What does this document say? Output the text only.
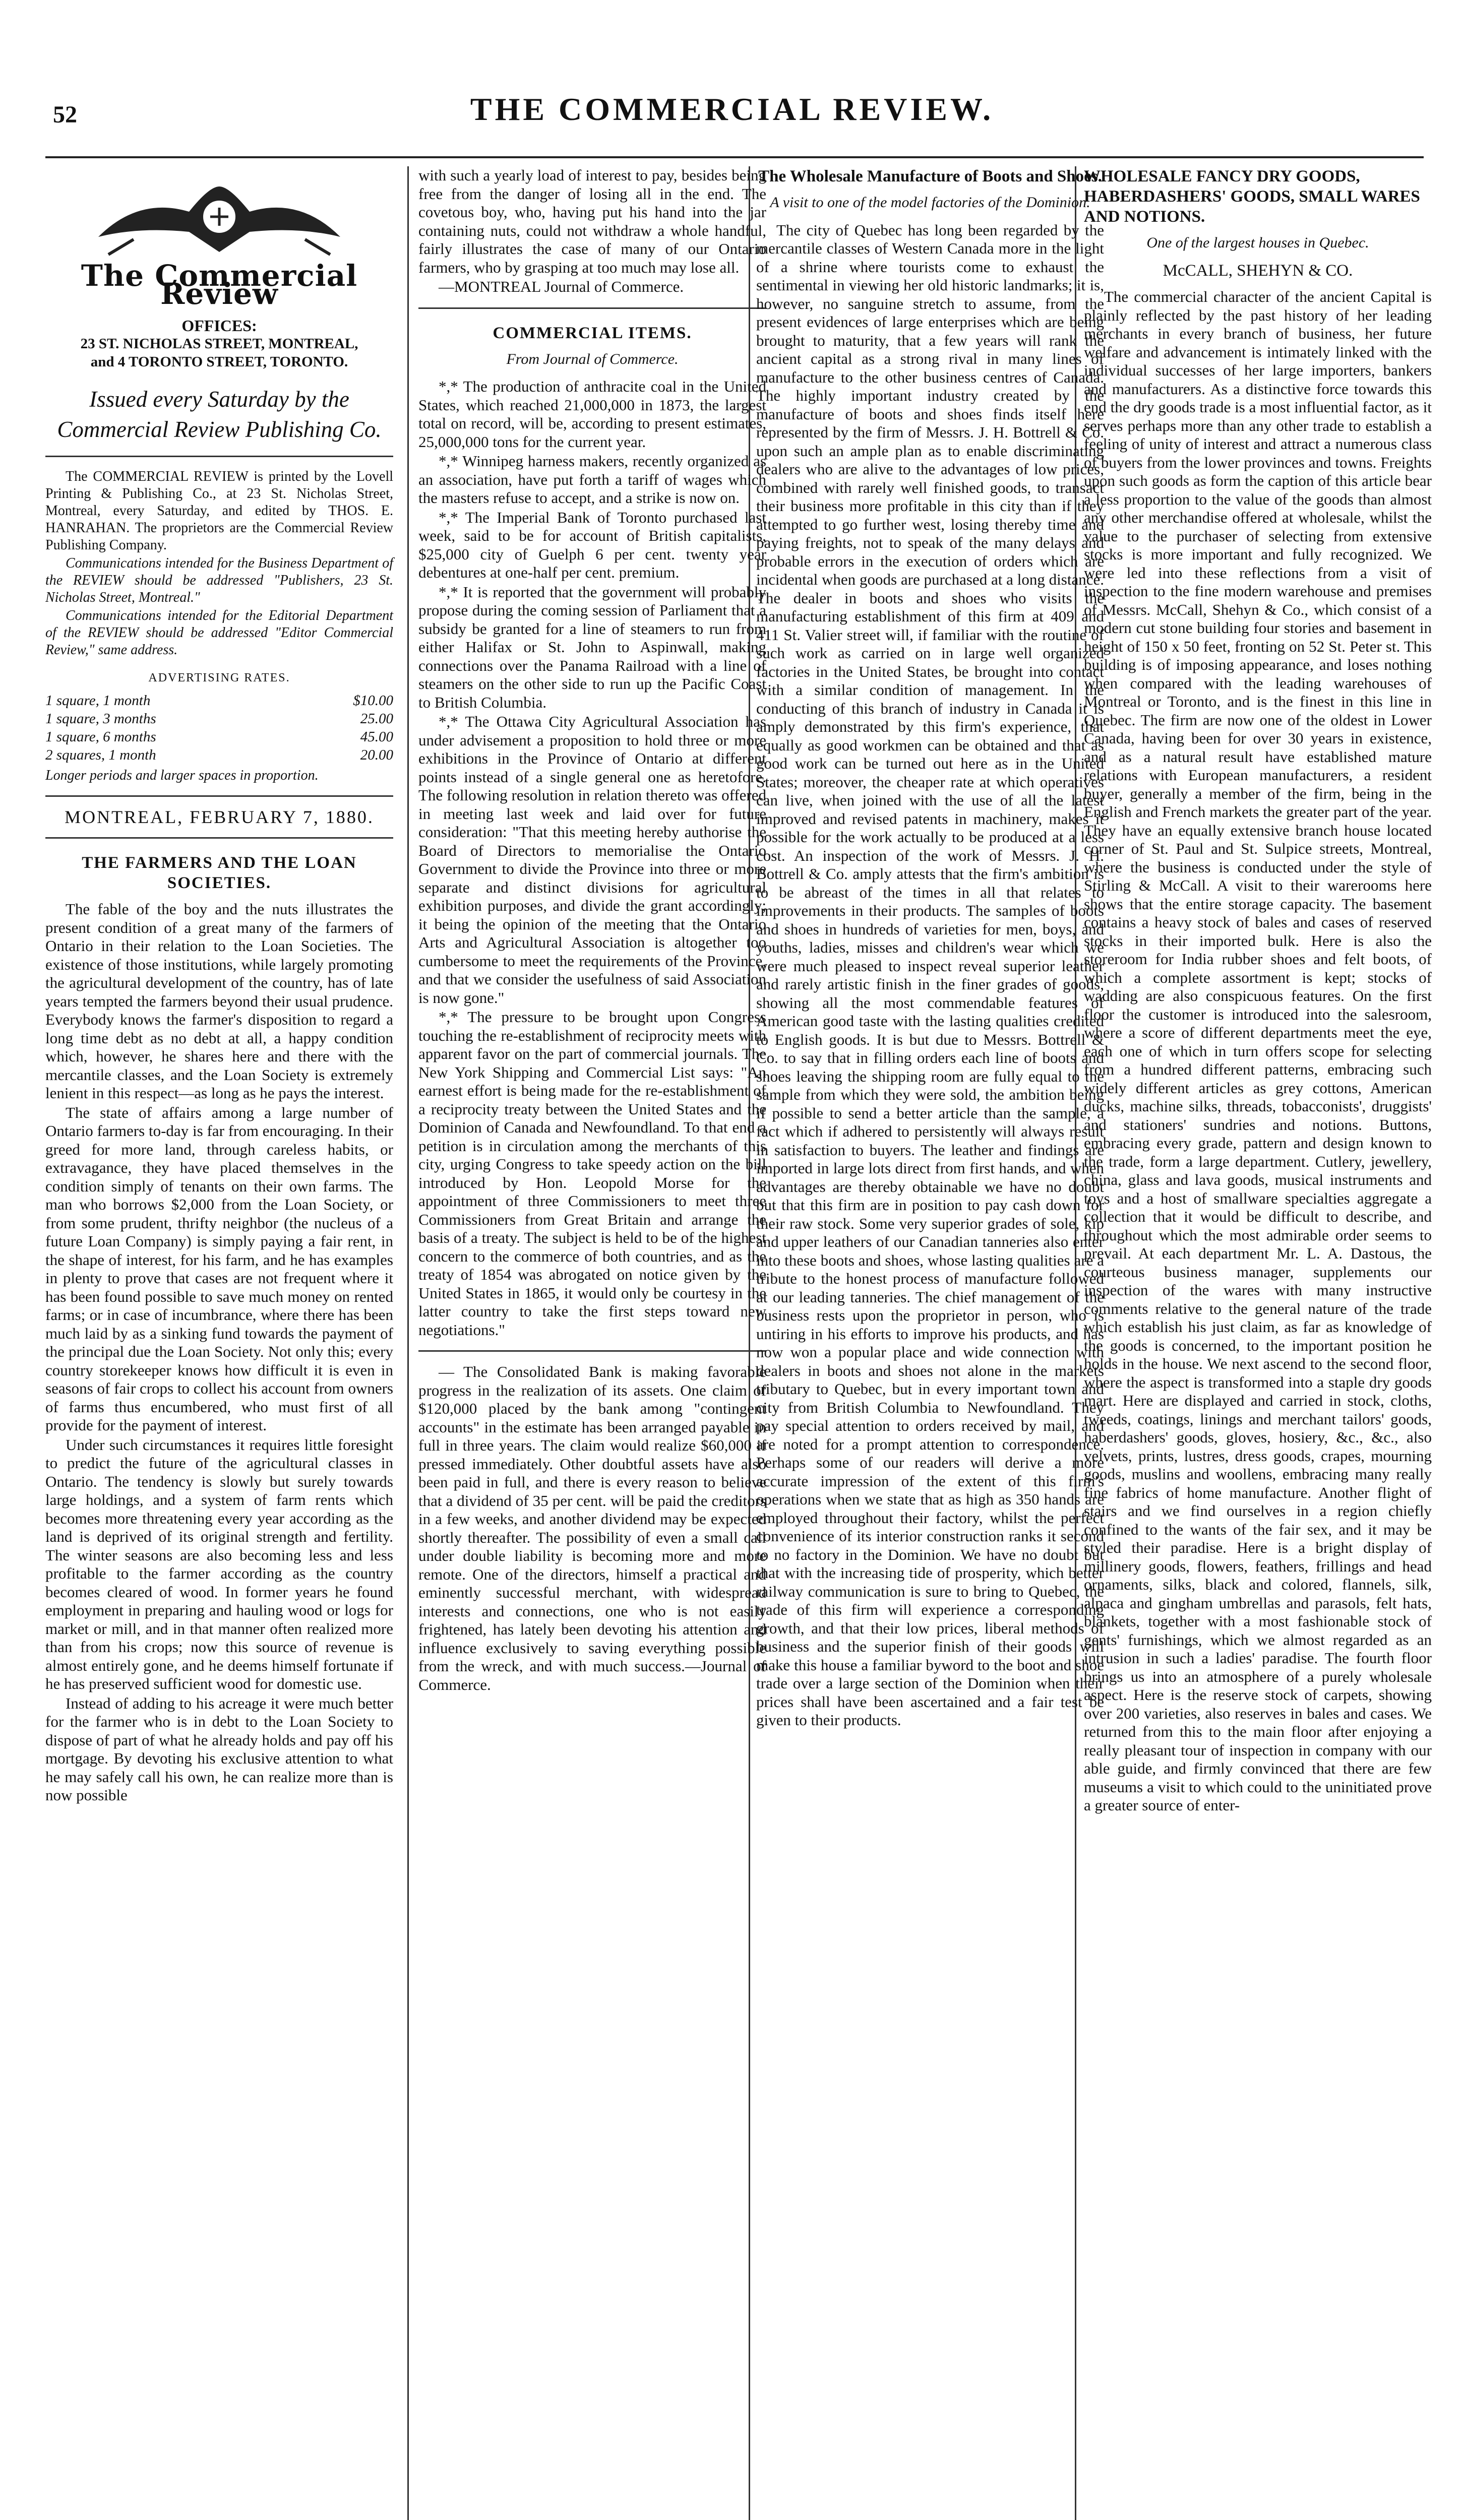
52	THE COMMERCIAL REVIEW.
The Commercial Review
OFFICES:
23 ST. NICHOLAS STREET, MONTREAL,
and 4 TORONTO STREET, TORONTO.
Issued every Saturday by the Commercial Review Publishing Co.
The COMMERCIAL REVIEW is printed by the Lovell Printing & Publishing Co., at 23 St. Nicholas Street, Montreal, every Saturday, and edited by THOS. E. HANRAHAN. The proprietors are the Commercial Review Publishing Company.
Communications intended for the Business Department of the REVIEW should be addressed "Publishers, 23 St. Nicholas Street, Montreal."
Communications intended for the Editorial Department of the REVIEW should be addressed "Editor Commercial Review," same address.
ADVERTISING RATES.
1 square, 1 month	$10.00
1 square, 3 months	25.00
1 square, 6 months	45.00
2 squares, 1 month	20.00
Longer periods and larger spaces in proportion.
MONTREAL, FEBRUARY 7, 1880.
THE FARMERS AND THE LOAN SOCIETIES.
The fable of the boy and the nuts illustrates the present condition of a great many of the farmers of Ontario in their relation to the Loan Societies. The existence of those institutions, while largely promoting the agricultural development of the country, has of late years tempted the farmers beyond their usual prudence. Everybody knows the farmer's disposition to regard a long time debt as no debt at all, a happy condition which, however, he shares here and there with the mercantile classes, and the Loan Society is extremely lenient in this respect—as long as he pays the interest.
The state of affairs among a large number of Ontario farmers to-day is far from encouraging. In their greed for more land, through careless habits, or extravagance, they have placed themselves in the condition simply of tenants on their own farms. The man who borrows $2,000 from the Loan Society, or from some prudent, thrifty neighbor (the nucleus of a future Loan Company) is simply paying a fair rent, in the shape of interest, for his farm, and he has examples in plenty to prove that cases are not frequent where it has been found possible to save much money on rented farms; or in case of incumbrance, where there has been much laid by as a sinking fund towards the payment of the principal due the Loan Society. Not only this; every country storekeeper knows how difficult it is even in seasons of fair crops to collect his account from owners of farms thus encumbered, who must first of all provide for the payment of interest.
Under such circumstances it requires little foresight to predict the future of the agricultural classes in Ontario. The tendency is slowly but surely towards large holdings, and a system of farm rents which becomes more threatening every year according as the land is deprived of its original strength and fertility. The winter seasons are also becoming less and less profitable to the farmer according as the country becomes cleared of wood. In former years he found employment in preparing and hauling wood or logs for market or mill, and in that manner often realized more than from his crops; now this source of revenue is almost entirely gone, and he deems himself fortunate if he has preserved sufficient wood for domestic use.
Instead of adding to his acreage it were much better for the farmer who is in debt to the Loan Society to dispose of part of what he already holds and pay off his mortgage. By devoting his exclusive attention to what he may safely call his own, he can realize more than is now possible
with such a yearly load of interest to pay, besides being free from the danger of losing all in the end. The covetous boy, who, having put his hand into the jar containing nuts, could not withdraw a whole handful, fairly illustrates the case of many of our Ontario farmers, who by grasping at too much may lose all.
—MONTREAL Journal of Commerce.
COMMERCIAL ITEMS.
From Journal of Commerce.
*,* The production of anthracite coal in the United States, which reached 21,000,000 in 1873, the largest total on record, will be, according to present estimates, 25,000,000 tons for the current year.
*,* Winnipeg harness makers, recently organized as an association, have put forth a tariff of wages which the masters refuse to accept, and a strike is now on.
*,* The Imperial Bank of Toronto purchased last week, said to be for account of British capitalists, $25,000 city of Guelph 6 per cent. twenty year debentures at one-half per cent. premium.
*,* It is reported that the government will probably propose during the coming session of Parliament that a subsidy be granted for a line of steamers to run from either Halifax or St. John to Aspinwall, making connections over the Panama Railroad with a line of steamers on the other side to run up the Pacific Coast to British Columbia.
*,* The Ottawa City Agricultural Association has under advisement a proposition to hold three or more exhibitions in the Province of Ontario at different points instead of a single general one as heretofore. The following resolution in relation thereto was offered in meeting last week and laid over for future consideration: "That this meeting hereby authorise the Board of Directors to memorialise the Ontario Government to divide the Province into three or more separate and distinct divisions for agricultural exhibition purposes, and divide the grant accordingly; it being the opinion of the meeting that the Ontario Arts and Agricultural Association is altogether too cumbersome to meet the requirements of the Province, and that we consider the usefulness of said Association is now gone."
*,* The pressure to be brought upon Congress touching the re-establishment of reciprocity meets with apparent favor on the part of commercial journals. The New York Shipping and Commercial List says: "An earnest effort is being made for the re-establishment of a reciprocity treaty between the United States and the Dominion of Canada and Newfoundland. To that end a petition is in circulation among the merchants of this city, urging Congress to take speedy action on the bill introduced by Hon. Leopold Morse for the appointment of three Commissioners to meet three Commissioners from Great Britain and arrange the basis of a treaty. The subject is held to be of the highest concern to the commerce of both countries, and as the treaty of 1854 was abrogated on notice given by the United States in 1865, it would only be courtesy in the latter country to take the first steps toward new negotiations."
— The Consolidated Bank is making favorable progress in the realization of its assets. One claim of $120,000 placed by the bank among "contingent accounts" in the estimate has been arranged payable in full in three years. The claim would realize $60,000 if pressed immediately. Other doubtful assets have also been paid in full, and there is every reason to believe that a dividend of 35 per cent. will be paid the creditors in a few weeks, and another dividend may be expected shortly thereafter. The possibility of even a small call under double liability is becoming more and more remote. One of the directors, himself a practical and eminently successful merchant, with widespread interests and connections, one who is not easily frightened, has lately been devoting his attention and influence exclusively to saving everything possible from the wreck, and with much success.—Journal of Commerce.
The Wholesale Manufacture of Boots and Shoes.
A visit to one of the model factories of the Dominion.
The city of Quebec has long been regarded by the mercantile classes of Western Canada more in the light of a shrine where tourists come to exhaust the sentimental in viewing her old historic landmarks; it is, however, no sanguine stretch to assume, from the present evidences of large enterprises which are being brought to maturity, that a few years will rank the ancient capital as a strong rival in many lines of manufacture to the other business centres of Canada. The highly important industry created by the manufacture of boots and shoes finds itself here represented by the firm of Messrs. J. H. Bottrell & Co. upon such an ample plan as to enable discriminating dealers who are alive to the advantages of low prices, combined with rarely well finished goods, to transact their business more profitable in this city than if they attempted to go further west, losing thereby time and paying freights, not to speak of the many delays and probable errors in the execution of orders which are incidental when goods are purchased at a long distance. The dealer in boots and shoes who visits the manufacturing establishment of this firm at 409 and 411 St. Valier street will, if familiar with the routine of such work as carried on in large well organized factories in the United States, be brought into contact with a similar condition of management. In the conducting of this branch of industry in Canada it is amply demonstrated by this firm's experience, that equally as good workmen can be obtained and that as good work can be turned out here as in the United States; moreover, the cheaper rate at which operatives can live, when joined with the use of all the latest improved and revised patents in machinery, makes it possible for the work actually to be produced at a less cost. An inspection of the work of Messrs. J. H. Bottrell & Co. amply attests that the firm's ambition is to be abreast of the times in all that relates to improvements in their products. The samples of boots and shoes in hundreds of varieties for men, boys, and youths, ladies, misses and children's wear which we were much pleased to inspect reveal superior leather and rarely artistic finish in the finer grades of goods, showing all the most commendable features of American good taste with the lasting qualities credited to English goods. It is but due to Messrs. Bottrell & Co. to say that in filling orders each line of boots and shoes leaving the shipping room are fully equal to the sample from which they were sold, the ambition being if possible to send a better article than the sample, a fact which if adhered to persistently will always result in satisfaction to buyers. The leather and findings are imported in large lots direct from first hands, and when advantages are thereby obtainable we have no doubt but that this firm are in position to pay cash down for their raw stock. Some very superior grades of sole, kip and upper leathers of our Canadian tanneries also enter into these boots and shoes, whose lasting qualities are a tribute to the honest process of manufacture followed at our leading tanneries. The chief management of the business rests upon the proprietor in person, who is untiring in his efforts to improve his products, and has now won a popular place and wide connection with dealers in boots and shoes not alone in the markets tributary to Quebec, but in every important town and city from British Columbia to Newfoundland. They pay special attention to orders received by mail, and are noted for a prompt attention to correspondence. Perhaps some of our readers will derive a more accurate impression of the extent of this firm's operations when we state that as high as 350 hands are employed throughout their factory, whilst the perfect convenience of its interior construction ranks it second to no factory in the Dominion. We have no doubt but that with the increasing tide of prosperity, which better railway communication is sure to bring to Quebec, the trade of this firm will experience a corresponding growth, and that their low prices, liberal methods of business and the superior finish of their goods will make this house a familiar byword to the boot and shoe trade over a large section of the Dominion when their prices shall have been ascertained and a fair test be given to their products.
WHOLESALE FANCY DRY GOODS, HABERDASHERS' GOODS, SMALL WARES AND NOTIONS.
One of the largest houses in Quebec.
McCALL, SHEHYN & CO.
The commercial character of the ancient Capital is plainly reflected by the past history of her leading merchants in every branch of business, her future welfare and advancement is intimately linked with the individual successes of her large importers, bankers and manufacturers. As a distinctive force towards this end the dry goods trade is a most influential factor, as it serves perhaps more than any other trade to establish a feeling of unity of interest and attract a numerous class of buyers from the lower provinces and towns. Freights upon such goods as form the caption of this article bear a less proportion to the value of the goods than almost any other merchandise offered at wholesale, whilst the value to the purchaser of selecting from extensive stocks is more important and fully recognized. We were led into these reflections from a visit of inspection to the fine modern warehouse and premises of Messrs. McCall, Shehyn & Co., which consist of a modern cut stone building four stories and basement in height of 150 x 50 feet, fronting on 52 St. Peter st. This building is of imposing appearance, and loses nothing when compared with the leading warehouses of Montreal or Toronto, and is the finest in this line in Quebec. The firm are now one of the oldest in Lower Canada, having been for over 30 years in existence, and as a natural result have established mature relations with European manufacturers, a resident buyer, generally a member of the firm, being in the English and French markets the greater part of the year. They have an equally extensive branch house located corner of St. Paul and St. Sulpice streets, Montreal, where the business is conducted under the style of Stirling & McCall. A visit to their warerooms here shows that the entire storage capacity. The basement contains a heavy stock of bales and cases of reserved stocks in their imported bulk. Here is also the storeroom for India rubber shoes and felt boots, of which a complete assortment is kept; stocks of wadding are also conspicuous features. On the first floor the customer is introduced into the salesroom, where a score of different departments meet the eye, each one of which in turn offers scope for selecting from a hundred different patterns, embracing such widely different articles as grey cottons, American ducks, machine silks, threads, tobacconists', druggists' and stationers' sundries and notions. Buttons, embracing every grade, pattern and design known to the trade, form a large department. Cutlery, jewellery, china, glass and lava goods, musical instruments and toys and a host of smallware specialties aggregate a collection that it would be difficult to describe, and throughout which the most admirable order seems to prevail. At each department Mr. L. A. Dastous, the courteous business manager, supplements our inspection of the wares with many instructive comments relative to the general nature of the trade which establish his just claim, as far as knowledge of the goods is concerned, to the important position he holds in the house. We next ascend to the second floor, where the aspect is transformed into a staple dry goods mart. Here are displayed and carried in stock, cloths, tweeds, coatings, linings and merchant tailors' goods, haberdashers' goods, gloves, hosiery, &c., &c., also velvets, prints, lustres, dress goods, crapes, mourning goods, muslins and woollens, embracing many really fine fabrics of home manufacture. Another flight of stairs and we find ourselves in a region chiefly confined to the wants of the fair sex, and it may be styled their paradise. Here is a bright display of millinery goods, flowers, feathers, frillings and head ornaments, silks, black and colored, flannels, silk, alpaca and gingham umbrellas and parasols, felt hats, blankets, together with a most fashionable stock of gents' furnishings, which we almost regarded as an intrusion in such a ladies' paradise. The fourth floor brings us into an atmosphere of a purely wholesale aspect. Here is the reserve stock of carpets, showing over 200 varieties, also reserves in bales and cases. We returned from this to the main floor after enjoying a really pleasant tour of inspection in company with our able guide, and firmly convinced that there are few museums a visit to which could to the uninitiated prove a greater source of enter-
